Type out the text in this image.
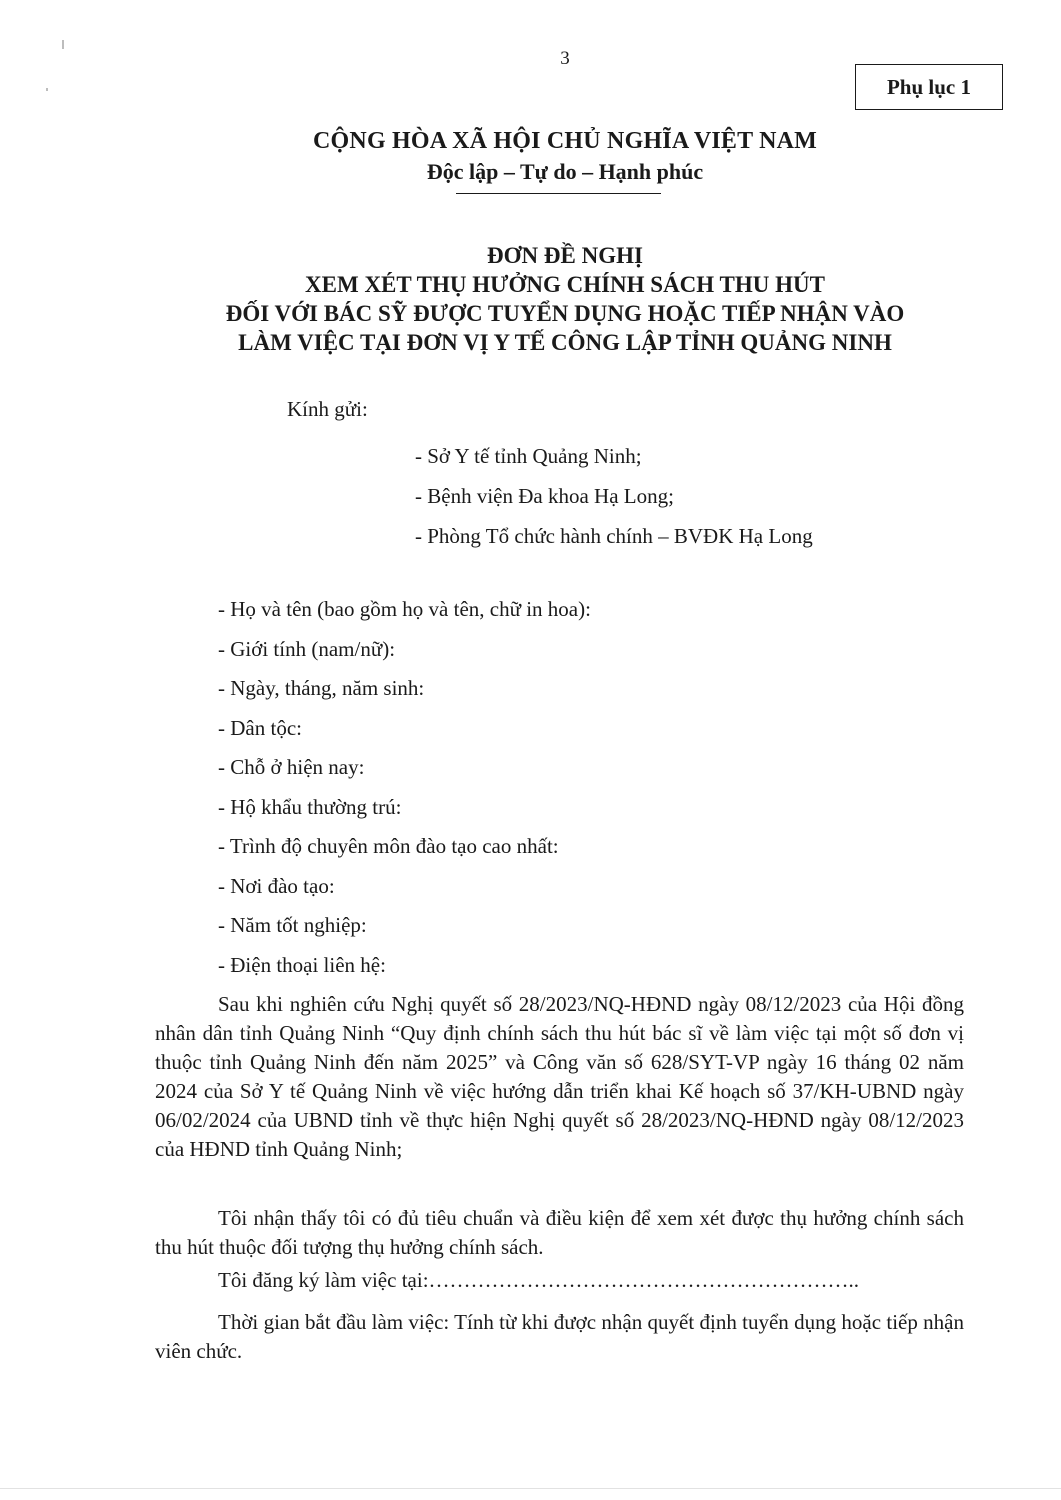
3
Phụ lục 1
CỘNG HÒA XÃ HỘI CHỦ NGHĨA VIỆT NAM
Độc lập – Tự do – Hạnh phúc
ĐƠN ĐỀ NGHỊ
XEM XÉT THỤ HƯỞNG CHÍNH SÁCH THU HÚT
ĐỐI VỚI BÁC SỸ ĐƯỢC TUYỂN DỤNG HOẶC TIẾP NHẬN VÀO
LÀM VIỆC TẠI ĐƠN VỊ Y TẾ CÔNG LẬP TỈNH QUẢNG NINH
Kính gửi:
- Sở Y tế tỉnh Quảng Ninh;
- Bệnh viện Đa khoa Hạ Long;
- Phòng Tổ chức hành chính – BVĐK Hạ Long
- Họ và tên (bao gồm họ và tên, chữ in hoa):
- Giới tính (nam/nữ):
- Ngày, tháng, năm sinh:
- Dân tộc:
- Chỗ ở hiện nay:
- Hộ khẩu thường trú:
- Trình độ chuyên môn đào tạo cao nhất:
- Nơi đào tạo:
- Năm tốt nghiệp:
- Điện thoại liên hệ:
Sau khi nghiên cứu Nghị quyết số 28/2023/NQ-HĐND ngày 08/12/2023 của Hội đồng nhân dân tỉnh Quảng Ninh “Quy định chính sách thu hút bác sĩ về làm việc tại một số đơn vị thuộc tỉnh Quảng Ninh đến năm 2025” và Công văn số 628/SYT-VP ngày 16 tháng 02 năm 2024 của Sở Y tế Quảng Ninh về việc hướng dẫn triển khai Kế hoạch số 37/KH-UBND ngày 06/02/2024 của UBND tỉnh về thực hiện Nghị quyết số 28/2023/NQ-HĐND ngày 08/12/2023 của HĐND tỉnh Quảng Ninh;
Tôi nhận thấy tôi có đủ tiêu chuẩn và điều kiện để xem xét được thụ hưởng chính sách thu hút thuộc đối tượng thụ hưởng chính sách.
Tôi đăng ký làm việc tại:……………………………………………………..
Thời gian bắt đầu làm việc: Tính từ khi được nhận quyết định tuyển dụng hoặc tiếp nhận viên chức.
